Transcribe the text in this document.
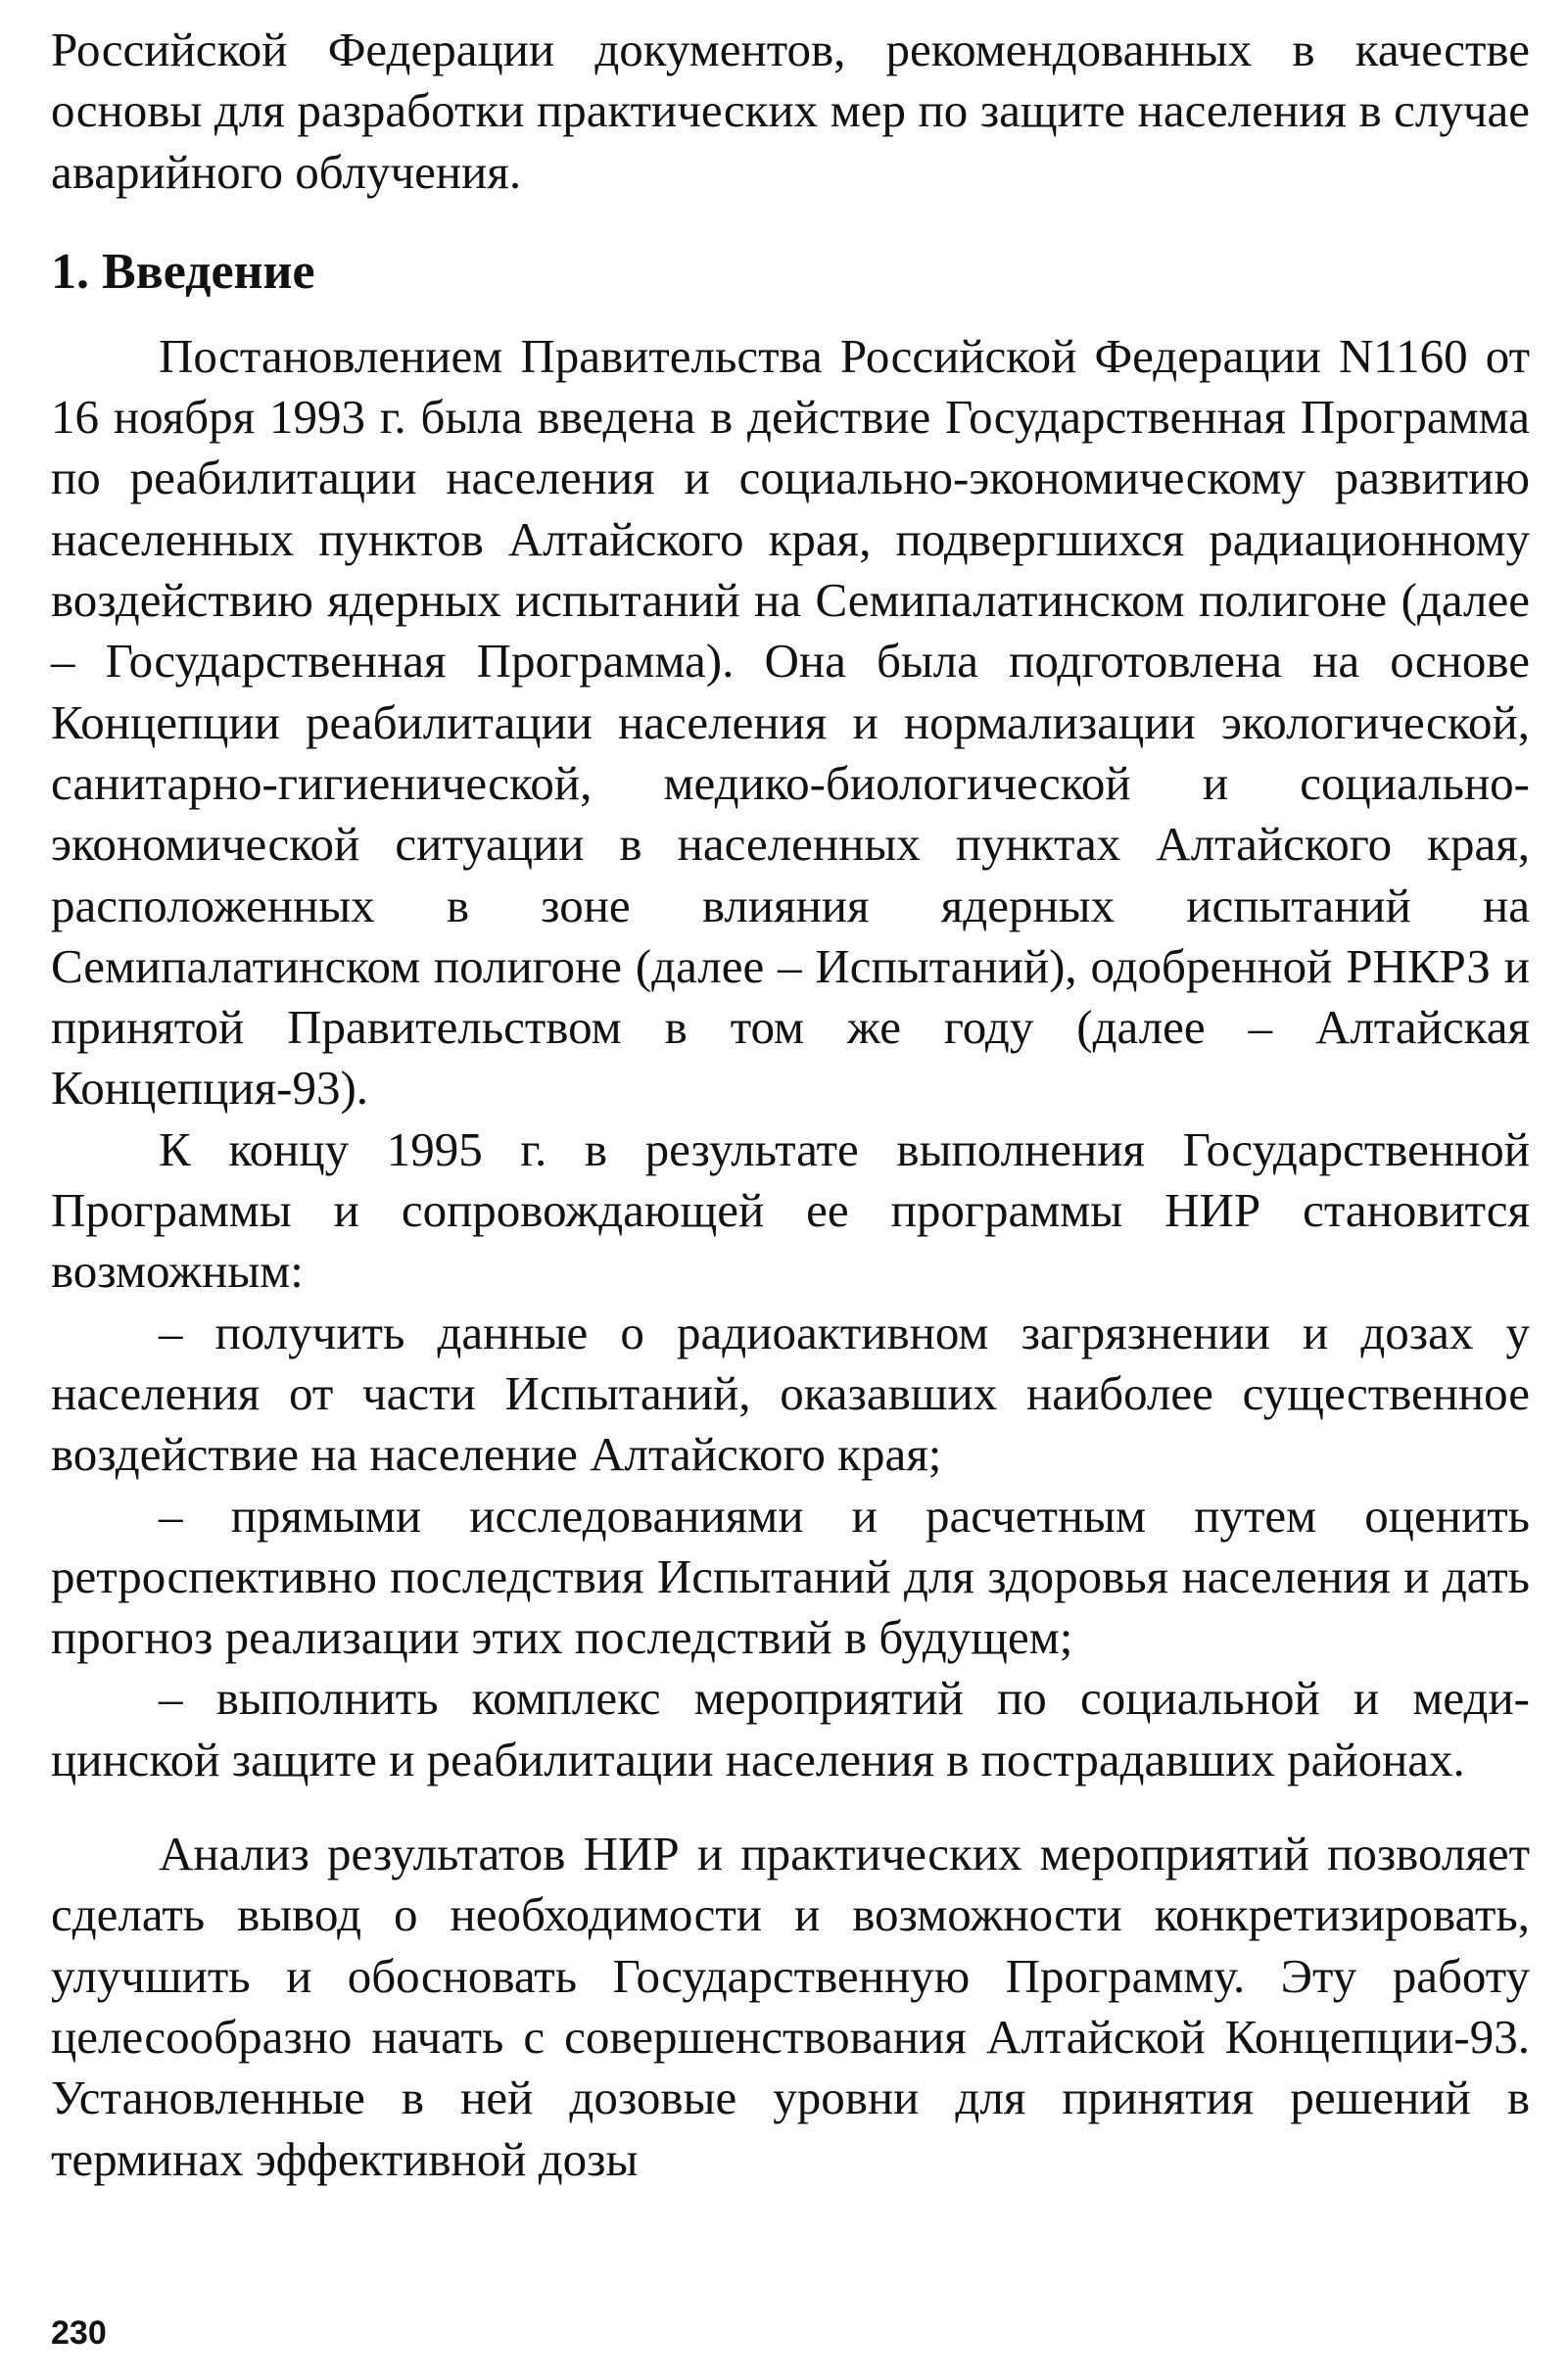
Российской Федерации документов, рекомендованных в качестве основы для разработки практических мер по защите населения в случае аварийного облучения.

1. Введение

Постановлением Правительства Российской Федерации N1160 от 16 ноября 1993 г. была введена в действие Государственная Программа по реабилитации населения и социально-экономическому развитию населенных пунктов Алтайского края, подвергшихся радиационному воздействию ядерных испытаний на Семипалатинском полигоне (далее – Государственная Программа). Она была подготовлена на основе Концепции реабилитации населения и нормализации экологической, санитарно-гигиенической, медико-биологической и социально-экономической ситуации в населенных пунктах Алтайского края, расположенных в зоне влияния ядерных испытаний на Семипалатинском полигоне (далее – Испытаний), одобренной РНКРЗ и принятой Правительством в том же году (далее – Алтайская Концепция-93).

К концу 1995 г. в результате выполнения Государственной Программы и сопровождающей ее программы НИР становится возможным:

– получить данные о радиоактивном загрязнении и дозах у населения от части Испытаний, оказавших наиболее существенное воздействие на население Алтайского края;

– прямыми исследованиями и расчетным путем оценить ретроспективно последствия Испытаний для здоровья населения и дать прогноз реализации этих последствий в будущем;

– выполнить комплекс мероприятий по социальной и медицинской защите и реабилитации населения в пострадавших районах.

Анализ результатов НИР и практических мероприятий позволяет сделать вывод о необходимости и возможности конкретизировать, улучшить и обосновать Государственную Программу. Эту работу целесообразно начать с совершенствования Алтайской Концепции-93. Установленные в ней дозовые уровни для принятия решений в терминах эффективной дозы

230
